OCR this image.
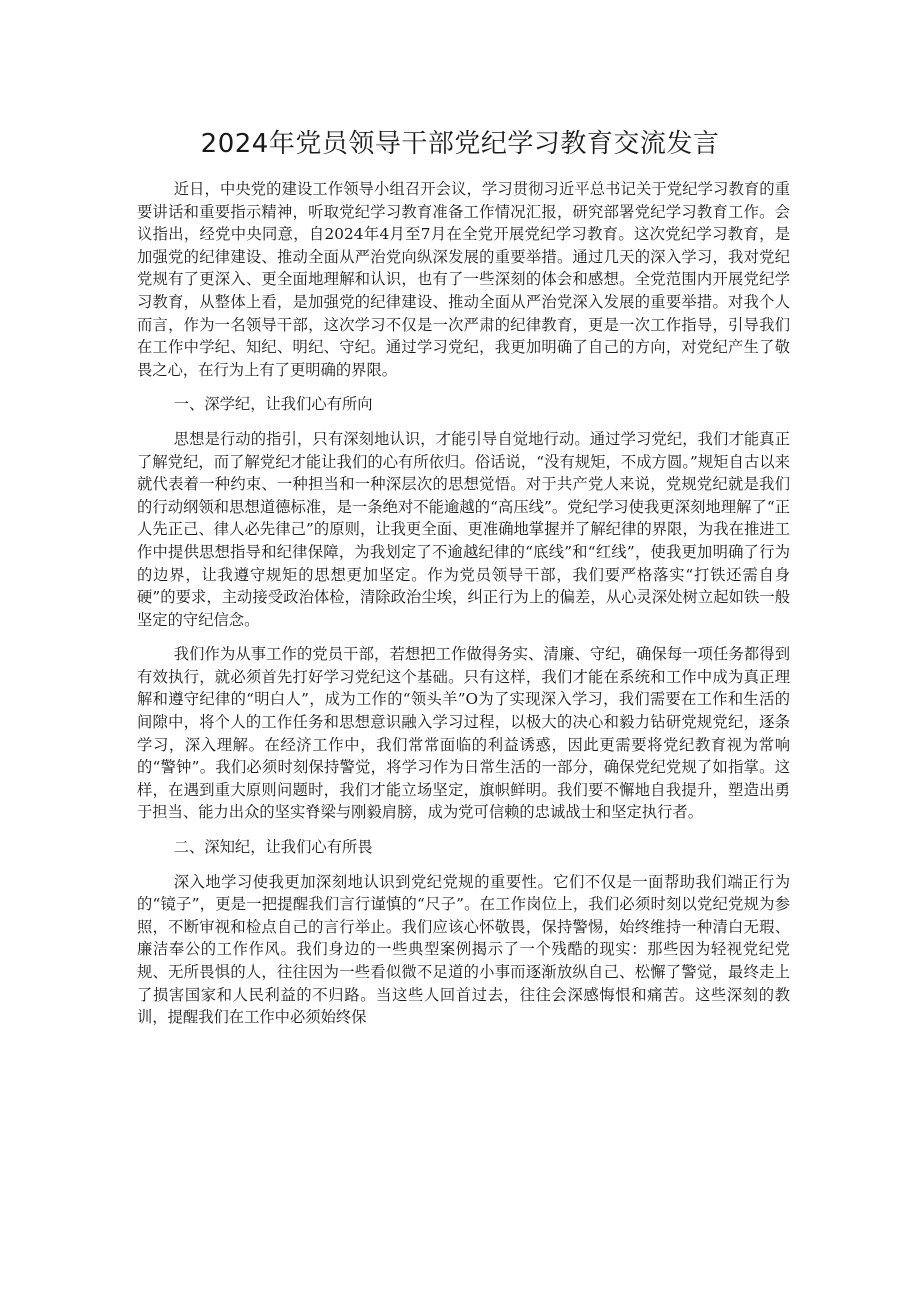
2024年党员领导干部党纪学习教育交流发言

近日，中央党的建设工作领导小组召开会议，学习贯彻习近平总书记关于党纪学习教育的重要讲话和重要指示精神，听取党纪学习教育准备工作情况汇报，研究部署党纪学习教育工作。会议指出，经党中央同意，自2024年4月至7月在全党开展党纪学习教育。这次党纪学习教育，是加强党的纪律建设、推动全面从严治党向纵深发展的重要举措。通过几天的深入学习，我对党纪党规有了更深入、更全面地理解和认识，也有了一些深刻的体会和感想。全党范围内开展党纪学习教育，从整体上看，是加强党的纪律建设、推动全面从严治党深入发展的重要举措。对我个人而言，作为一名领导干部，这次学习不仅是一次严肃的纪律教育，更是一次工作指导，引导我们在工作中学纪、知纪、明纪、守纪。通过学习党纪，我更加明确了自己的方向，对党纪产生了敬畏之心，在行为上有了更明确的界限。

一、深学纪，让我们心有所向

思想是行动的指引，只有深刻地认识，才能引导自觉地行动。通过学习党纪，我们才能真正了解党纪，而了解党纪才能让我们的心有所依归。俗话说，“没有规矩，不成方圆。”规矩自古以来就代表着一种约束、一种担当和一种深层次的思想觉悟。对于共产党人来说，党规党纪就是我们的行动纲领和思想道德标准，是一条绝对不能逾越的“高压线”。党纪学习使我更深刻地理解了“正人先正己、律人必先律己”的原则，让我更全面、更准确地掌握并了解纪律的界限，为我在推进工作中提供思想指导和纪律保障，为我划定了不逾越纪律的“底线”和“红线”，使我更加明确了行为的边界，让我遵守规矩的思想更加坚定。作为党员领导干部，我们要严格落实“打铁还需自身硬”的要求，主动接受政治体检，清除政治尘埃，纠正行为上的偏差，从心灵深处树立起如铁一般坚定的守纪信念。

我们作为从事工作的党员干部，若想把工作做得务实、清廉、守纪，确保每一项任务都得到有效执行，就必须首先打好学习党纪这个基础。只有这样，我们才能在系统和工作中成为真正理解和遵守纪律的“明白人”，成为工作的“领头羊”O为了实现深入学习，我们需要在工作和生活的间隙中，将个人的工作任务和思想意识融入学习过程，以极大的决心和毅力钻研党规党纪，逐条学习，深入理解。在经济工作中，我们常常面临的利益诱惑，因此更需要将党纪教育视为常响的“警钟”。我们必须时刻保持警觉，将学习作为日常生活的一部分，确保党纪党规了如指掌。这样，在遇到重大原则问题时，我们才能立场坚定，旗帜鲜明。我们要不懈地自我提升，塑造出勇于担当、能力出众的坚实脊梁与刚毅肩膀，成为党可信赖的忠诚战士和坚定执行者。

二、深知纪，让我们心有所畏

深入地学习使我更加深刻地认识到党纪党规的重要性。它们不仅是一面帮助我们端正行为的“镜子”，更是一把提醒我们言行谨慎的“尺子”。在工作岗位上，我们必须时刻以党纪党规为参照，不断审视和检点自己的言行举止。我们应该心怀敬畏，保持警惕，始终维持一种清白无瑕、廉洁奉公的工作作风。我们身边的一些典型案例揭示了一个残酷的现实：那些因为轻视党纪党规、无所畏惧的人，往往因为一些看似微不足道的小事而逐渐放纵自己、松懈了警觉，最终走上了损害国家和人民利益的不归路。当这些人回首过去，往往会深感悔恨和痛苦。这些深刻的教训，提醒我们在工作中必须始终保
